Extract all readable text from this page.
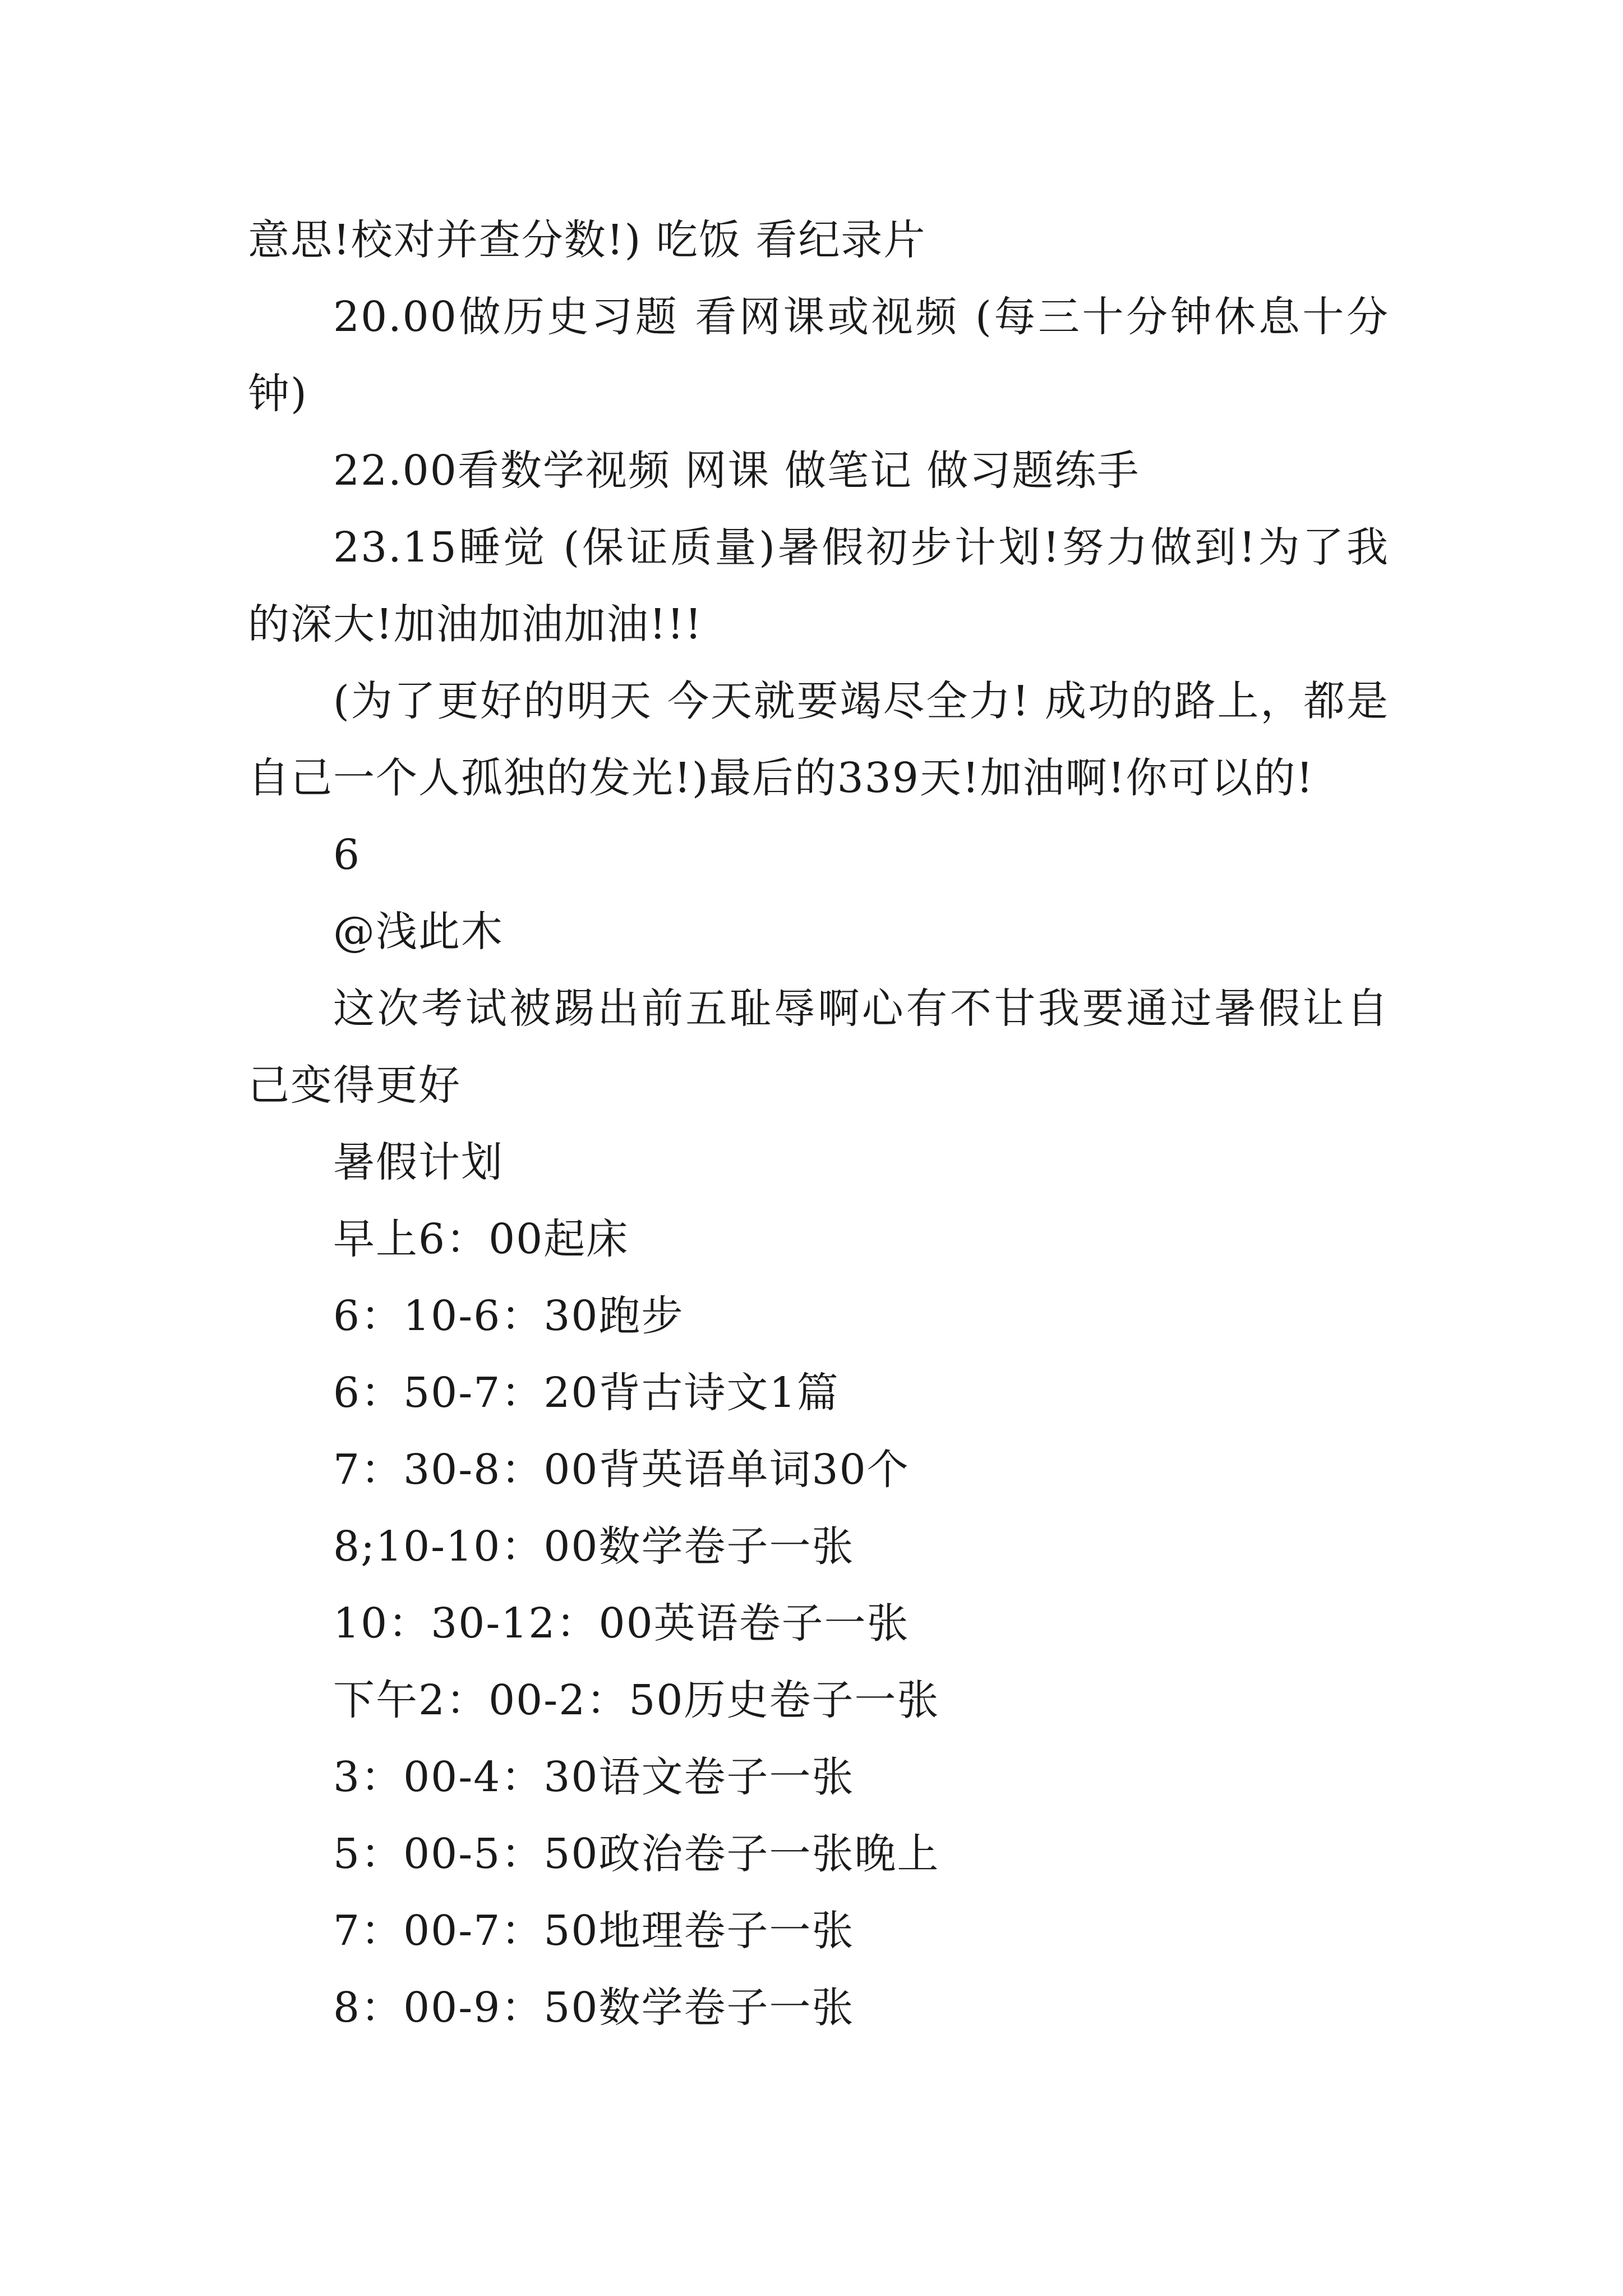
意思!校对并查分数!) 吃饭 看纪录片

20.00做历史习题 看网课或视频 (每三十分钟休息十分钟)

22.00看数学视频 网课 做笔记 做习题练手

23.15睡觉 (保证质量)暑假初步计划!努力做到!为了我的深大!加油加油加油!!!

(为了更好的明天 今天就要竭尽全力! 成功的路上，都是自己一个人孤独的发光!)最后的339天!加油啊!你可以的!

6

@浅此木

这次考试被踢出前五耻辱啊心有不甘我要通过暑假让自己变得更好

暑假计划

早上6：00起床

6：10-6：30跑步

6：50-7：20背古诗文1篇

7：30-8：00背英语单词30个

8;10-10：00数学卷子一张

10：30-12：00英语卷子一张

下午2：00-2：50历史卷子一张

3：00-4：30语文卷子一张

5：00-5：50政治卷子一张晚上

7：00-7：50地理卷子一张

8：00-9：50数学卷子一张
